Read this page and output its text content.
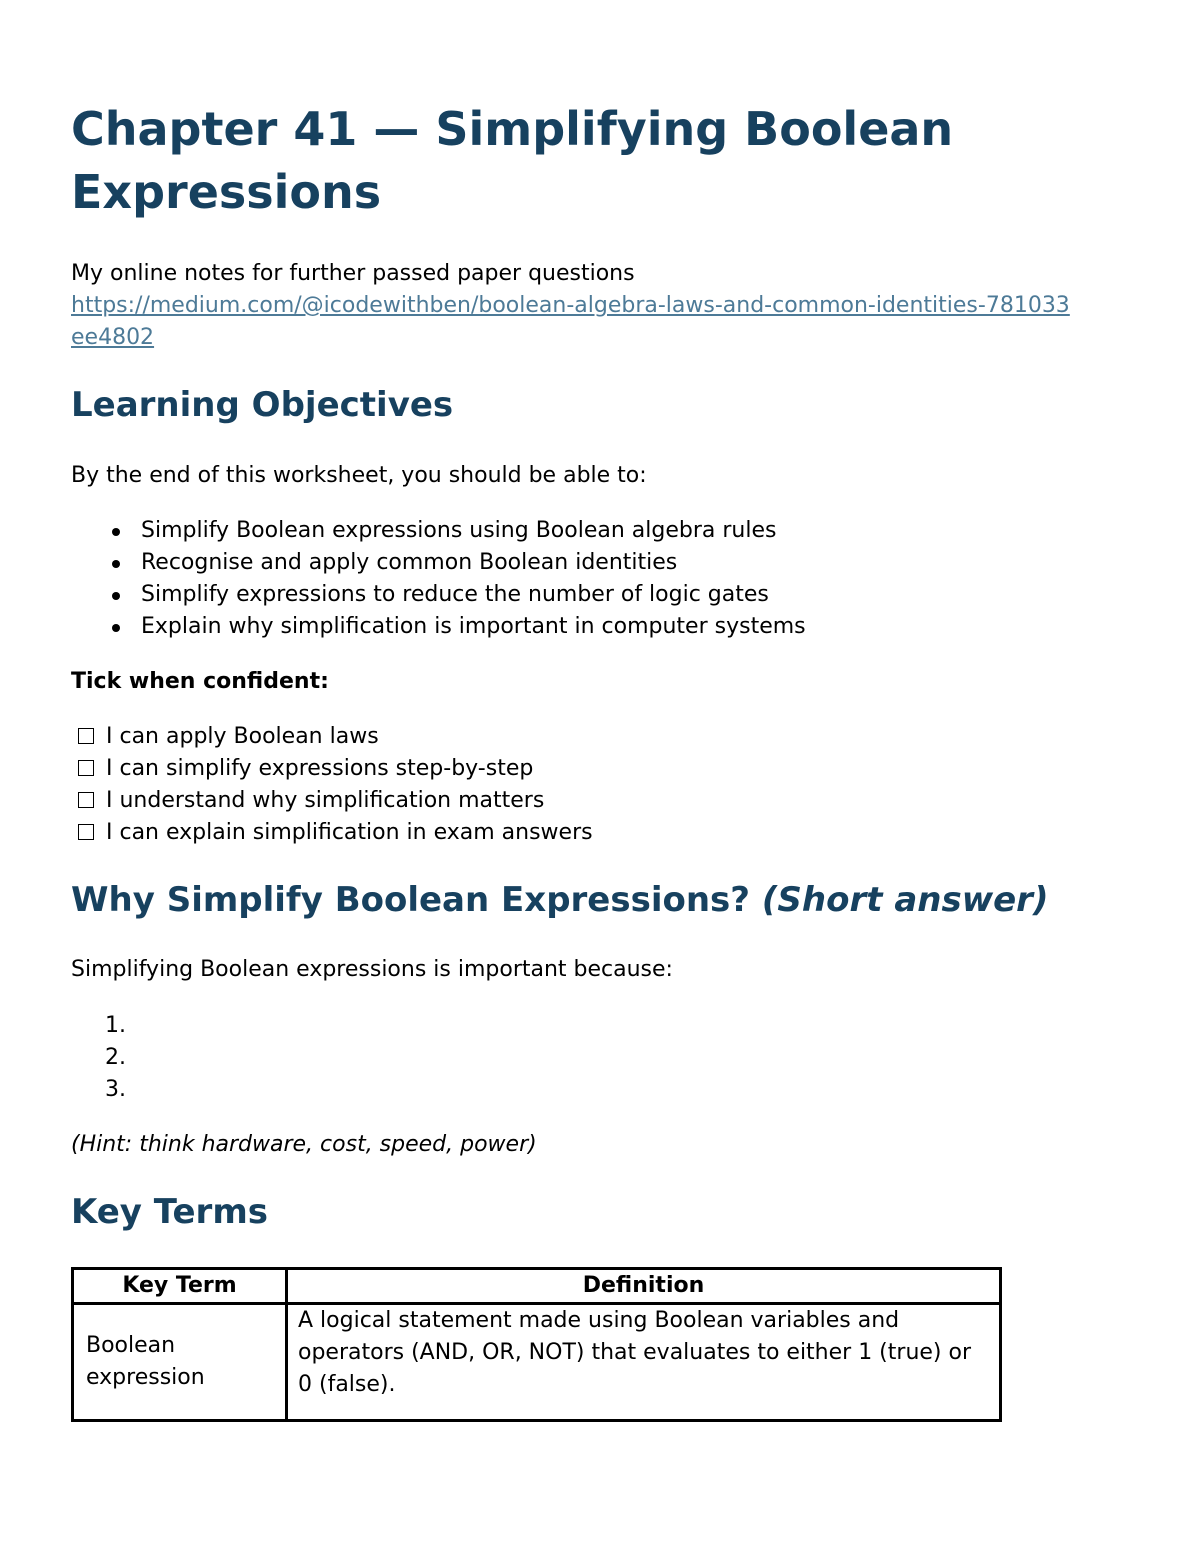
Chapter 41 — Simplifying Boolean Expressions
My online notes for further passed paper questions
https://medium.com/@icodewithben/boolean-algebra-laws-and-common-identities-781033ee4802
Learning Objectives
By the end of this worksheet, you should be able to:
Simplify Boolean expressions using Boolean algebra rules
Recognise and apply common Boolean identities
Simplify expressions to reduce the number of logic gates
Explain why simplification is important in computer systems
Tick when confident:
I can apply Boolean laws
I can simplify expressions step-by-step
I understand why simplification matters
I can explain simplification in exam answers
Why Simplify Boolean Expressions? (Short answer)
Simplifying Boolean expressions is important because:
1.
2.
3.
(Hint: think hardware, cost, speed, power)
Key Terms
Key Term	Definition
Boolean expression	A logical statement made using Boolean variables and operators (AND, OR, NOT) that evaluates to either 1 (true) or 0 (false).
